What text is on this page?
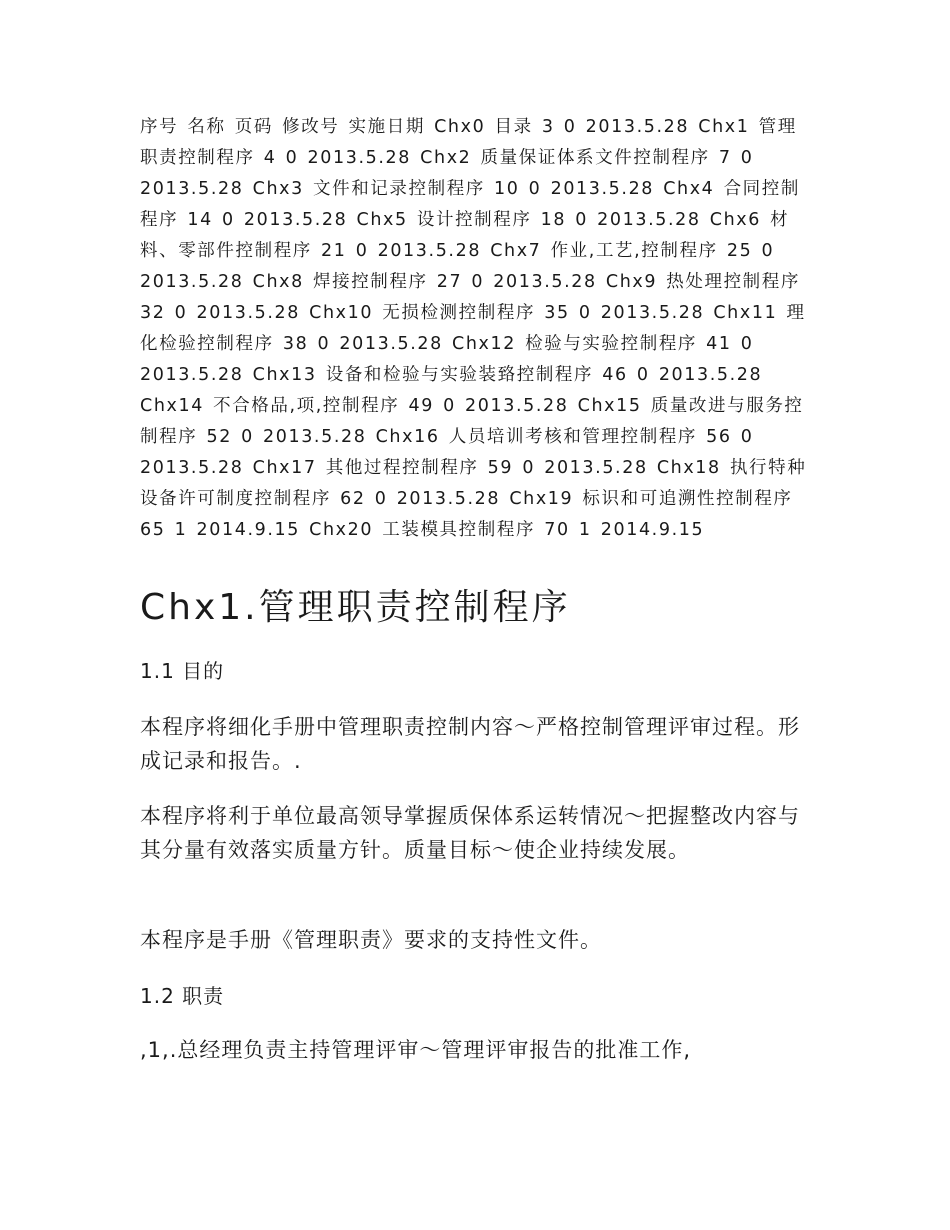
序号 名称 页码 修改号 实施日期 Chx0 目录 3 0 2013.5.28 Chx1 管理职责控制程序 4 0 2013.5.28 Chx2 质量保证体系文件控制程序 7 0 2013.5.28 Chx3 文件和记录控制程序 10 0 2013.5.28 Chx4 合同控制程序 14 0 2013.5.28 Chx5 设计控制程序 18 0 2013.5.28 Chx6 材料、零部件控制程序 21 0 2013.5.28 Chx7 作业,工艺,控制程序 25 0 2013.5.28 Chx8 焊接控制程序 27 0 2013.5.28 Chx9 热处理控制程序 32 0 2013.5.28 Chx10 无损检测控制程序 35 0 2013.5.28 Chx11 理化检验控制程序 38 0 2013.5.28 Chx12 检验与实验控制程序 41 0 2013.5.28 Chx13 设备和检验与实验装臵控制程序 46 0 2013.5.28 Chx14 不合格品,项,控制程序 49 0 2013.5.28 Chx15 质量改进与服务控制程序 52 0 2013.5.28 Chx16 人员培训考核和管理控制程序 56 0 2013.5.28 Chx17 其他过程控制程序 59 0 2013.5.28 Chx18 执行特种设备许可制度控制程序 62 0 2013.5.28 Chx19 标识和可追溯性控制程序 65 1 2014.9.15 Chx20 工装模具控制程序 70 1 2014.9.15

Chx1.管理职责控制程序

1.1 目的

本程序将细化手册中管理职责控制内容～严格控制管理评审过程。形成记录和报告。.

本程序将利于单位最高领导掌握质保体系运转情况～把握整改内容与其分量有效落实质量方针。质量目标～使企业持续发展。

本程序是手册《管理职责》要求的支持性文件。

1.2 职责

,1,.总经理负责主持管理评审～管理评审报告的批准工作,
